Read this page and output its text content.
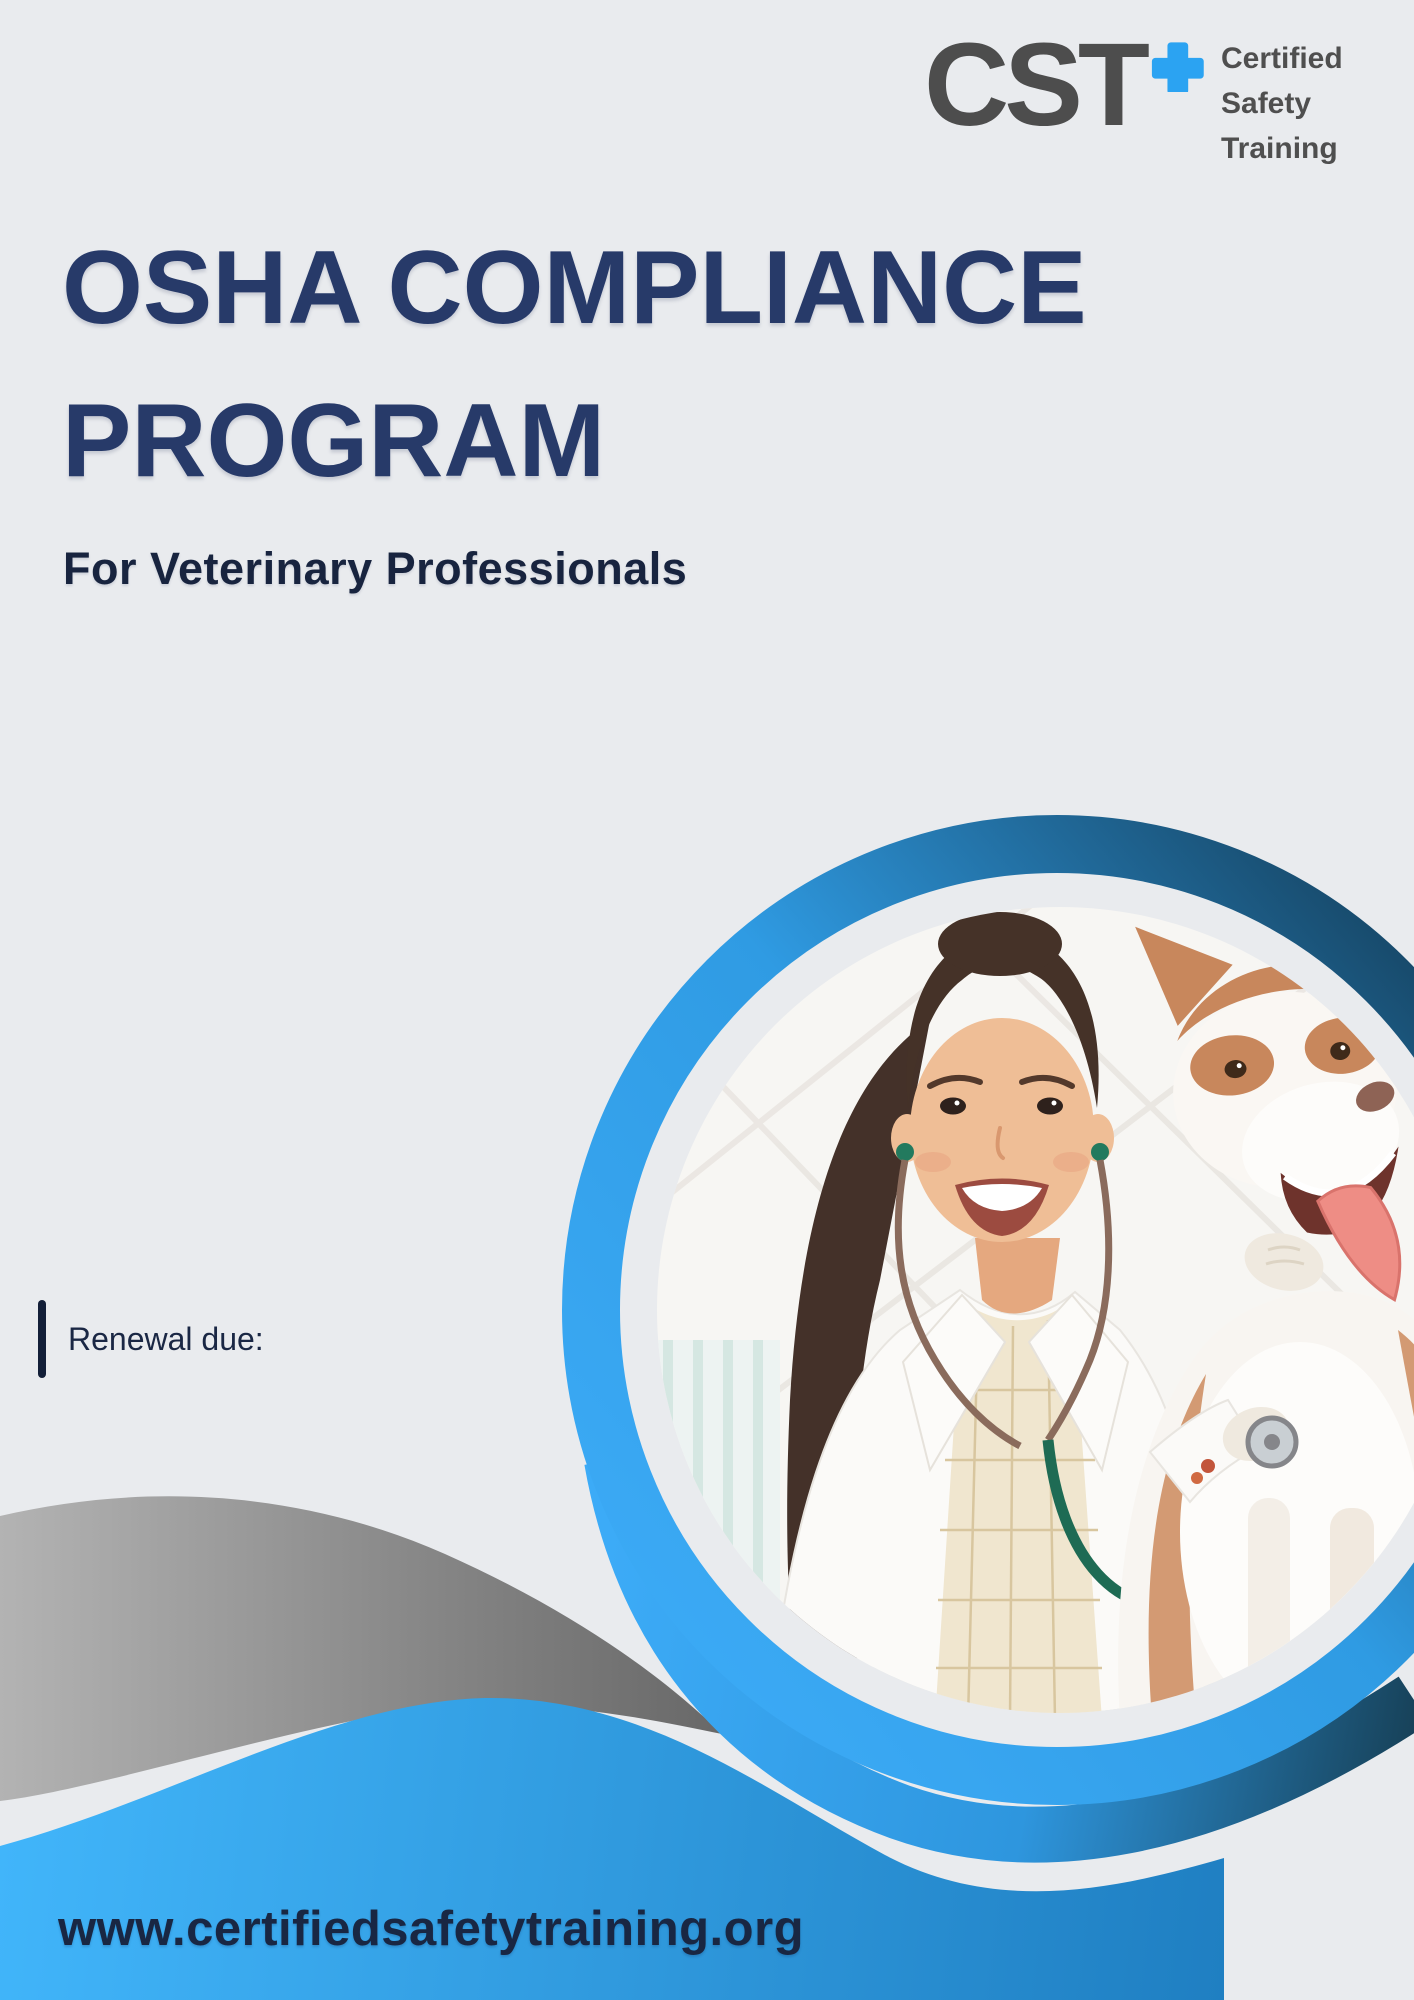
CST	Certified
Safety
Training
OSHA COMPLIANCE
PROGRAM
For Veterinary Professionals
Renewal due:
www.certifiedsafetytraining.org
